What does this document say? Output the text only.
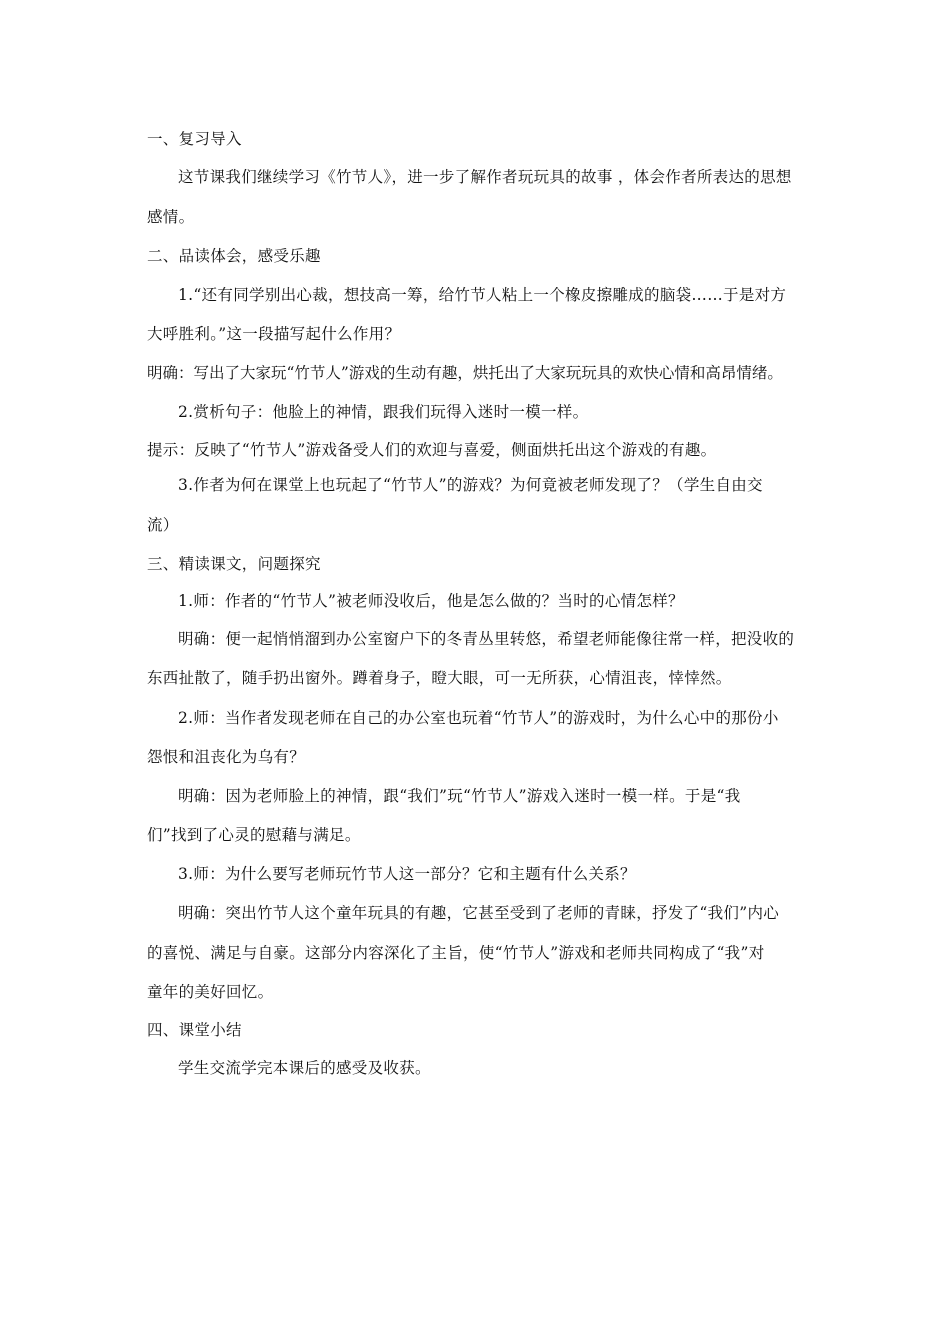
一、复习导入
这节课我们继续学习《竹节人》，进一步了解作者玩玩具的故事 ，体会作者所表达的思想
感情。
二、品读体会，感受乐趣
1.“还有同学别出心裁，想技高一筹，给竹节人粘上一个橡皮擦雕成的脑袋……于是对方
大呼胜利。”这一段描写起什么作用？
明确：写出了大家玩“竹节人”游戏的生动有趣，烘托出了大家玩玩具的欢快心情和高昂情绪。
2.赏析句子：他脸上的神情，跟我们玩得入迷时一模一样。
提示：反映了“竹节人”游戏备受人们的欢迎与喜爱，侧面烘托出这个游戏的有趣。
3.作者为何在课堂上也玩起了“竹节人”的游戏？为何竟被老师发现了？（学生自由交
流）
三、精读课文，问题探究
1.师：作者的“竹节人”被老师没收后，他是怎么做的？当时的心情怎样？
明确：便一起悄悄溜到办公室窗户下的冬青丛里转悠，希望老师能像往常一样，把没收的
东西扯散了，随手扔出窗外。蹲着身子，瞪大眼，可一无所获，心情沮丧，悻悻然。
2.师：当作者发现老师在自己的办公室也玩着“竹节人”的游戏时，为什么心中的那份小
怨恨和沮丧化为乌有？
明确：因为老师脸上的神情，跟“我们”玩“竹节人”游戏入迷时一模一样。于是“我
们”找到了心灵的慰藉与满足。
3.师：为什么要写老师玩竹节人这一部分？它和主题有什么关系？
明确：突出竹节人这个童年玩具的有趣，它甚至受到了老师的青睐，抒发了“我们”内心
的喜悦、满足与自豪。这部分内容深化了主旨，使“竹节人”游戏和老师共同构成了“我”对
童年的美好回忆。
四、课堂小结
学生交流学完本课后的感受及收获。
